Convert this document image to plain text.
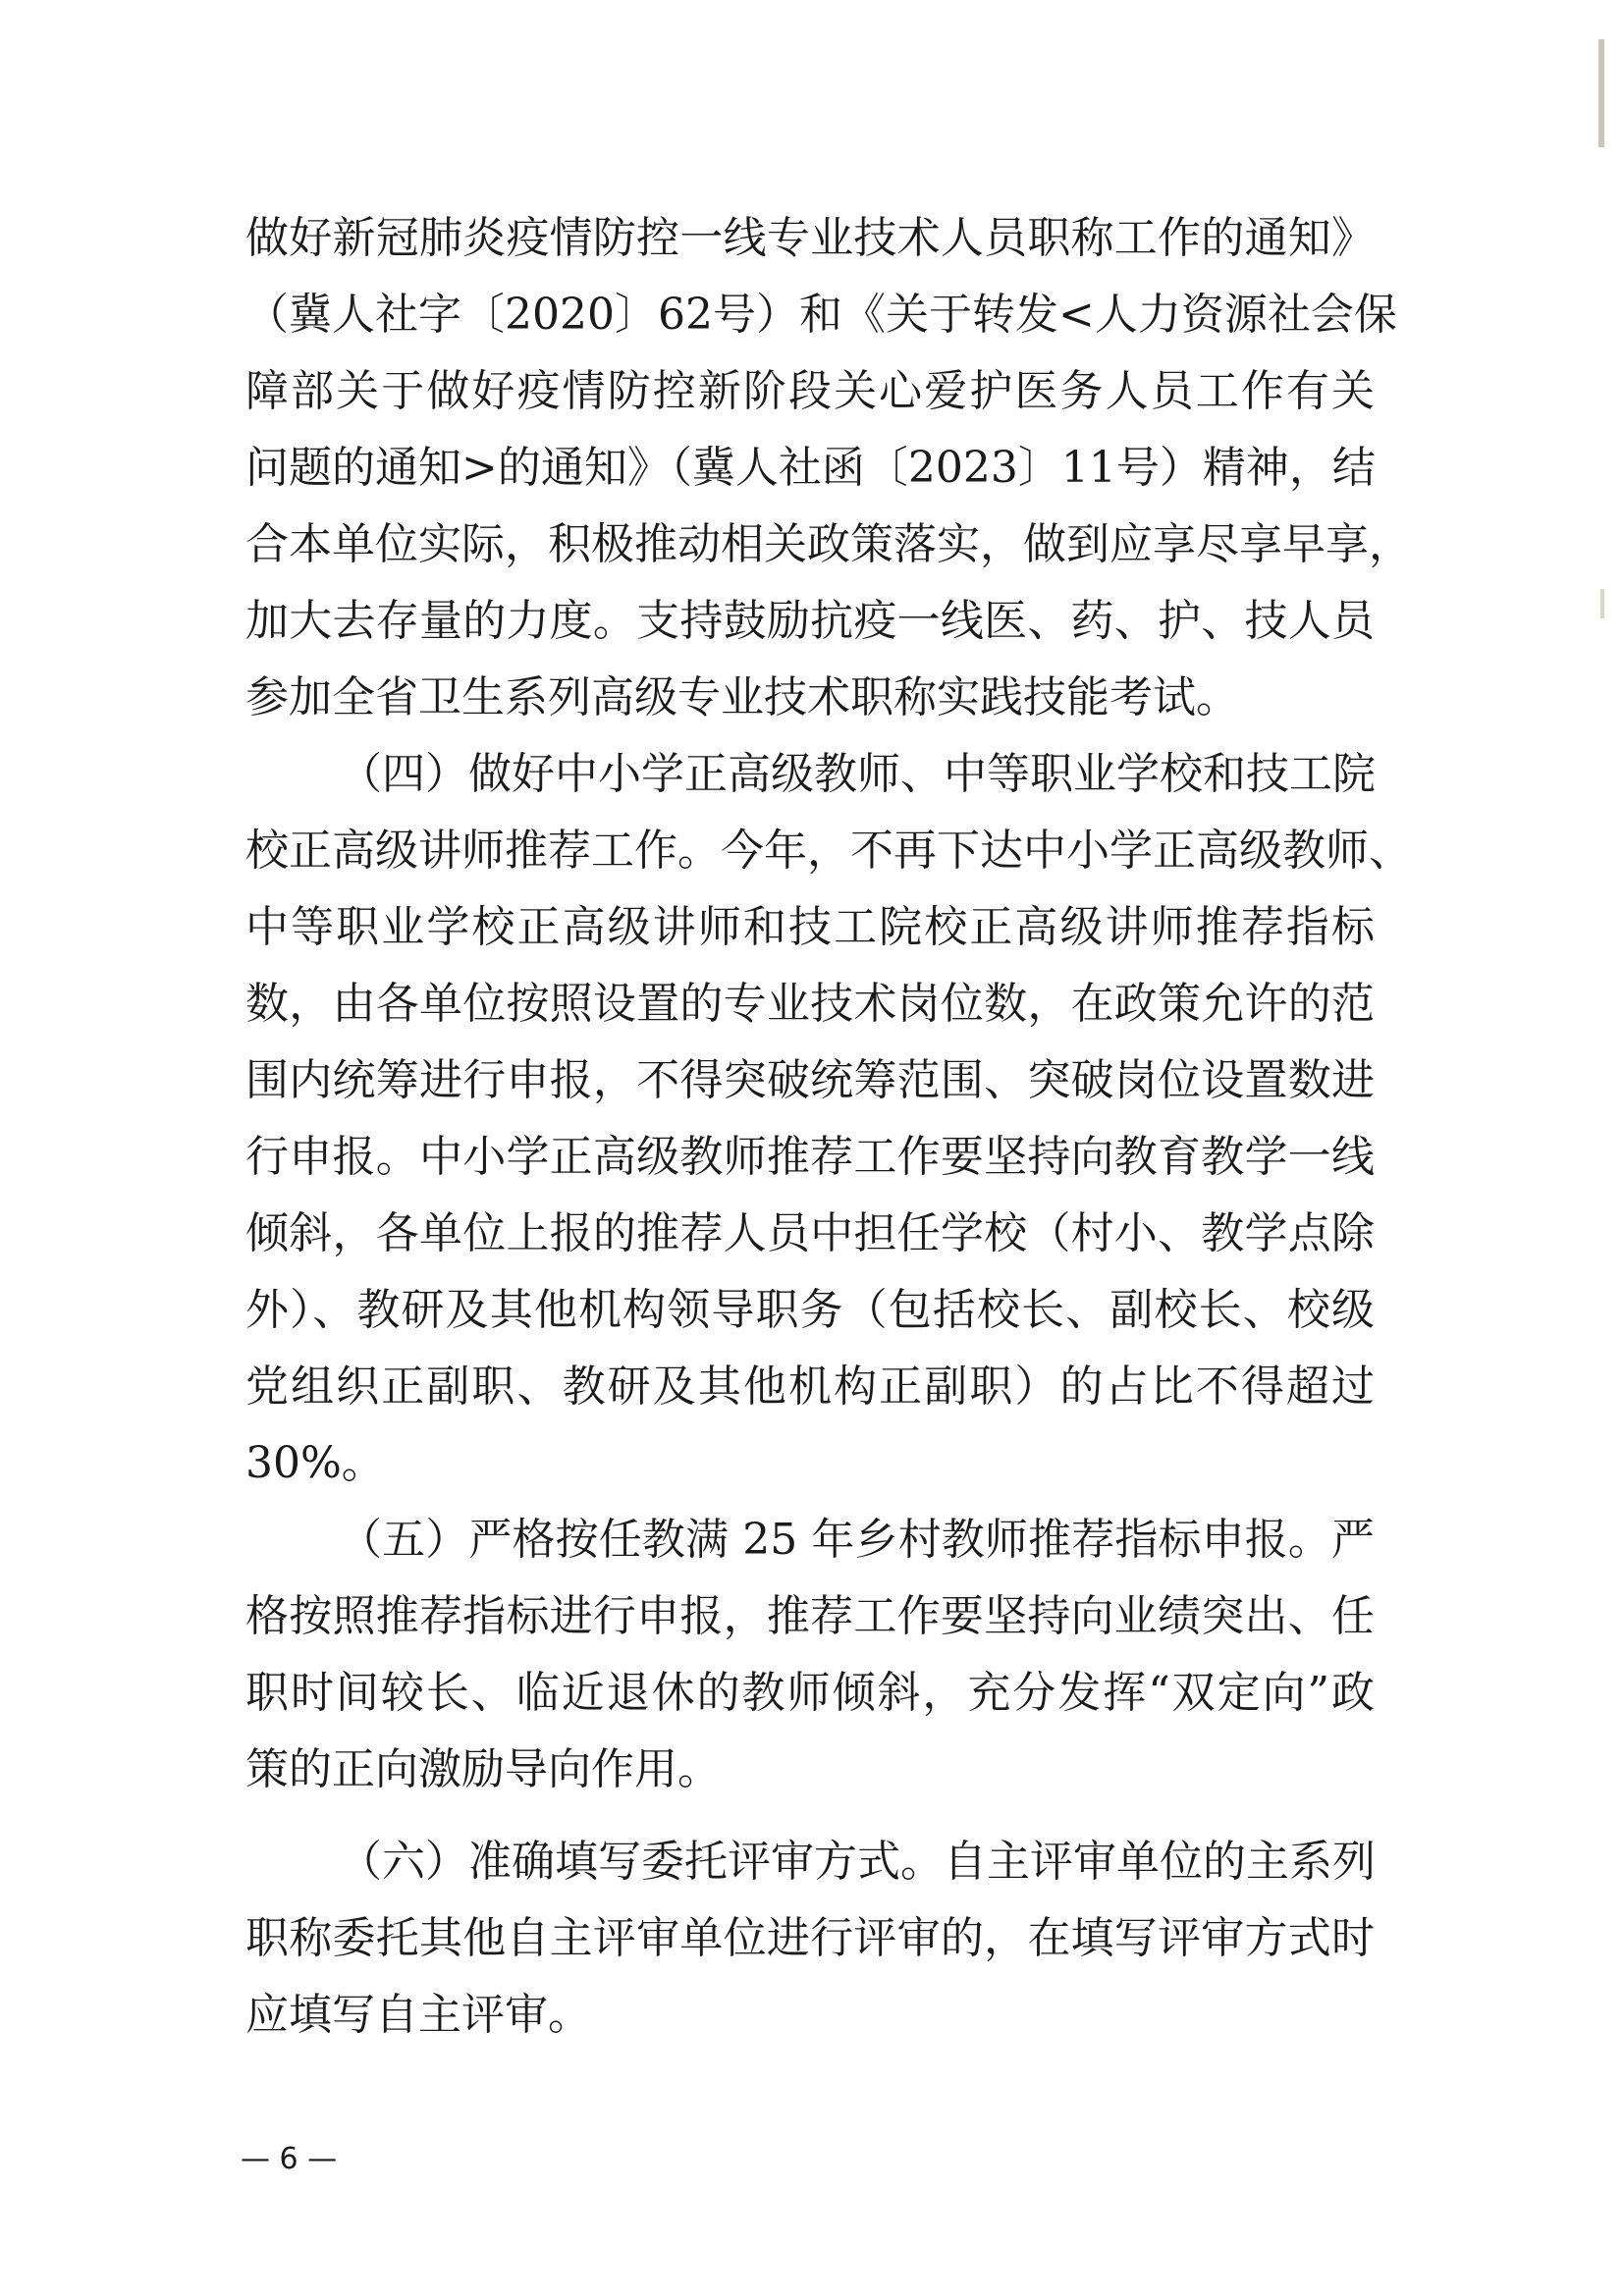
做好新冠肺炎疫情防控一线专业技术人员职称工作的通知》
（冀人社字〔2020〕62号）和《关于转发<人力资源社会保
障部关于做好疫情防控新阶段关心爱护医务人员工作有关
问题的通知>的通知》（冀人社函〔2023〕11号）精神，结
合本单位实际，积极推动相关政策落实，做到应享尽享早享，
加大去存量的力度。支持鼓励抗疫一线医、药、护、技人员
参加全省卫生系列高级专业技术职称实践技能考试。
（四）做好中小学正高级教师、中等职业学校和技工院
校正高级讲师推荐工作。今年，不再下达中小学正高级教师、
中等职业学校正高级讲师和技工院校正高级讲师推荐指标
数，由各单位按照设置的专业技术岗位数，在政策允许的范
围内统筹进行申报，不得突破统筹范围、突破岗位设置数进
行申报。中小学正高级教师推荐工作要坚持向教育教学一线
倾斜，各单位上报的推荐人员中担任学校（村小、教学点除
外）、教研及其他机构领导职务（包括校长、副校长、校级
党组织正副职、教研及其他机构正副职）的占比不得超过
30%。
（五）严格按任教满 25 年乡村教师推荐指标申报。严
格按照推荐指标进行申报，推荐工作要坚持向业绩突出、任
职时间较长、临近退休的教师倾斜，充分发挥“双定向”政
策的正向激励导向作用。
（六）准确填写委托评审方式。自主评审单位的主系列
职称委托其他自主评审单位进行评审的，在填写评审方式时
应填写自主评审。
— 6 —
